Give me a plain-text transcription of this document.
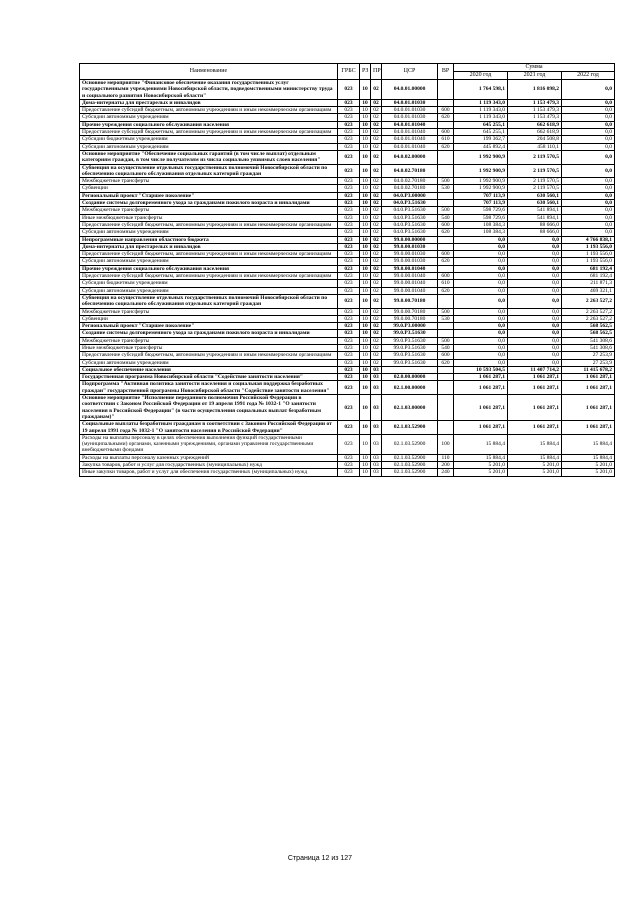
Наименование	ГРБС	РЗ	ПР	ЦСР	ВР	Сумма		
						2020 год	2021 год	2022 год
Основное мероприятие "Финансовое обеспечение оказания государственных услуг государственными учреждениями Новосибирской области, подведомственными министерству труда и социального развития Новосибирской области"	023	10	02	04.0.01.00000		1 764 598,1	1 816 098,2	0,0
Дома-интернаты для престарелых и инвалидов	023	10	02	04.0.01.01030		1 119 343,0	1 153 479,3	0,0
Предоставление субсидий бюджетным, автономным учреждениям и иным некоммерческим организациям	023	10	02	04.0.01.01030	600	1 119 343,0	1 153 479,3	0,0
Субсидии автономным учреждениям	023	10	02	04.0.01.01030	620	1 119 343,0	1 153 479,3	0,0
Прочие учреждения социального обслуживания населения	023	10	02	04.0.01.01040		645 255,1	662 618,9	0,0
Предоставление субсидий бюджетным, автономным учреждениям и иным некоммерческим организациям	023	10	02	04.0.01.01040	600	645 255,1	662 618,9	0,0
Субсидии бюджетным учреждениям	023	10	02	04.0.01.01040	610	199 362,7	204 508,8	0,0
Субсидии автономным учреждениям	023	10	02	04.0.01.01040	620	445 892,4	458 110,1	0,0
Основное мероприятие "Обеспечение социальных гарантий (в том числе выплат) отдельным категориям граждан, в том числе получателям из числа социально уязвимых слоев населения"	023	10	02	04.0.02.00000		1 992 900,9	2 119 570,5	0,0
Субвенция на осуществление отдельных государственных полномочий Новосибирской области по обеспечению социального обслуживания отдельных категорий граждан	023	10	02	04.0.02.70180		1 992 900,9	2 119 570,5	0,0
Межбюджетные трансферты	023	10	02	04.0.02.70180	500	1 992 900,9	2 119 570,5	0,0
Субвенции	023	10	02	04.0.02.70180	530	1 992 900,9	2 119 570,5	0,0
Региональный проект "Старшее поколение"	023	10	02	04.0.P3.00000		707 113,9	630 560,1	0,0
Создание системы долговременного ухода за гражданами пожилого возраста и инвалидами	023	10	02	04.0.P3.51630		707 113,9	630 560,1	0,0
Межбюджетные трансферты	023	10	02	04.0.P3.51630	500	598 729,6	541 894,1	0,0
Иные межбюджетные трансферты	023	10	02	04.0.P3.51630	540	598 729,6	541 894,1	0,0
Предоставление субсидий бюджетным, автономным учреждениям и иным некоммерческим организациям	023	10	02	04.0.P3.51630	600	108 384,3	88 666,0	0,0
Субсидии автономным учреждениям	023	10	02	04.0.P3.51630	620	108 384,3	88 666,0	0,0
Непрограммные направления областного бюджета	023	10	02	99.0.00.00000		0,0	0,0	4 766 838,1
Дома-интернаты для престарелых и инвалидов	023	10	02	99.0.00.01030		0,0	0,0	1 193 556,0
Предоставление субсидий бюджетным, автономным учреждениям и иным некоммерческим организациям	023	10	02	99.0.00.01030	600	0,0	0,0	1 193 556,0
Субсидии автономным учреждениям	023	10	02	99.0.00.01030	620	0,0	0,0	1 193 556,0
Прочие учреждения социального обслуживания населения	023	10	02	99.0.00.01040		0,0	0,0	681 192,4
Предоставление субсидий бюджетным, автономным учреждениям и иным некоммерческим организациям	023	10	02	99.0.00.01040	600	0,0	0,0	681 192,4
Субсидии бюджетным учреждениям	023	10	02	99.0.00.01040	610	0,0	0,0	211 871,3
Субсидии автономным учреждениям	023	10	02	99.0.00.01040	620	0,0	0,0	469 321,1
Субвенция на осуществление отдельных государственных полномочий Новосибирской области по обеспечению социального обслуживания отдельных категорий граждан	023	10	02	99.0.00.70180		0,0	0,0	2 263 527,2
Межбюджетные трансферты	023	10	02	99.0.00.70180	500	0,0	0,0	2 263 527,2
Субвенции	023	10	02	99.0.00.70180	530	0,0	0,0	2 263 527,2
Региональный проект "Старшее поколение"	023	10	02	99.0.P3.00000		0,0	0,0	568 562,5
Создание системы долговременного ухода за гражданами пожилого возраста и инвалидами	023	10	02	99.0.P3.51630		0,0	0,0	568 562,5
Межбюджетные трансферты	023	10	02	99.0.P3.51630	500	0,0	0,0	541 308,6
Иные межбюджетные трансферты	023	10	02	99.0.P3.51630	540	0,0	0,0	541 308,6
Предоставление субсидий бюджетным, автономным учреждениям и иным некоммерческим организациям	023	10	02	99.0.P3.51630	600	0,0	0,0	27 253,9
Субсидии автономным учреждениям	023	10	02	99.0.P3.51630	620	0,0	0,0	27 253,9
Социальное обеспечение населения	023	10	03			10 593 504,5	11 407 714,2	11 415 678,2
Государственная программа Новосибирской области "Содействие занятости населения"	023	10	03	02.0.00.00000		1 061 287,1	1 061 287,1	1 061 287,1
Подпрограмма "Активная политика занятости населения и социальная поддержка безработных граждан" государственной программы Новосибирской области "Содействие занятости населения"	023	10	03	02.1.00.00000		1 061 287,1	1 061 287,1	1 061 287,1
Основное мероприятие "Исполнение переданного полномочия Российской Федерации в соответствии с Законом Российской Федерации от 19 апреля 1991 года № 1032-1 "О занятости населения в Российской Федерации" (в части осуществления социальных выплат безработным гражданам)"	023	10	03	02.1.03.00000		1 061 287,1	1 061 287,1	1 061 287,1
Социальные выплаты безработным гражданам в соответствии с Законом Российской Федерации от 19 апреля 1991 года № 1032-1 "О занятости населения в Российской Федерации"	023	10	03	02.1.03.52900		1 061 287,1	1 061 287,1	1 061 287,1
Расходы на выплаты персоналу в целях обеспечения выполнения функций государственными (муниципальными) органами, казенными учреждениями, органами управления государственными внебюджетными фондами	023	10	03	02.1.03.52900	100	15 884,4	15 884,4	15 884,4
Расходы на выплаты персоналу казенных учреждений	023	10	03	02.1.03.52900	110	15 884,4	15 884,4	15 884,4
Закупка товаров, работ и услуг для государственных (муниципальных) нужд	023	10	03	02.1.03.52900	200	5 201,0	5 201,0	5 201,0
Иные закупки товаров, работ и услуг для обеспечения государственных (муниципальных) нужд	023	10	03	02.1.03.52900	240	5 201,0	5 201,0	5 201,0
Страница 12 из 127
